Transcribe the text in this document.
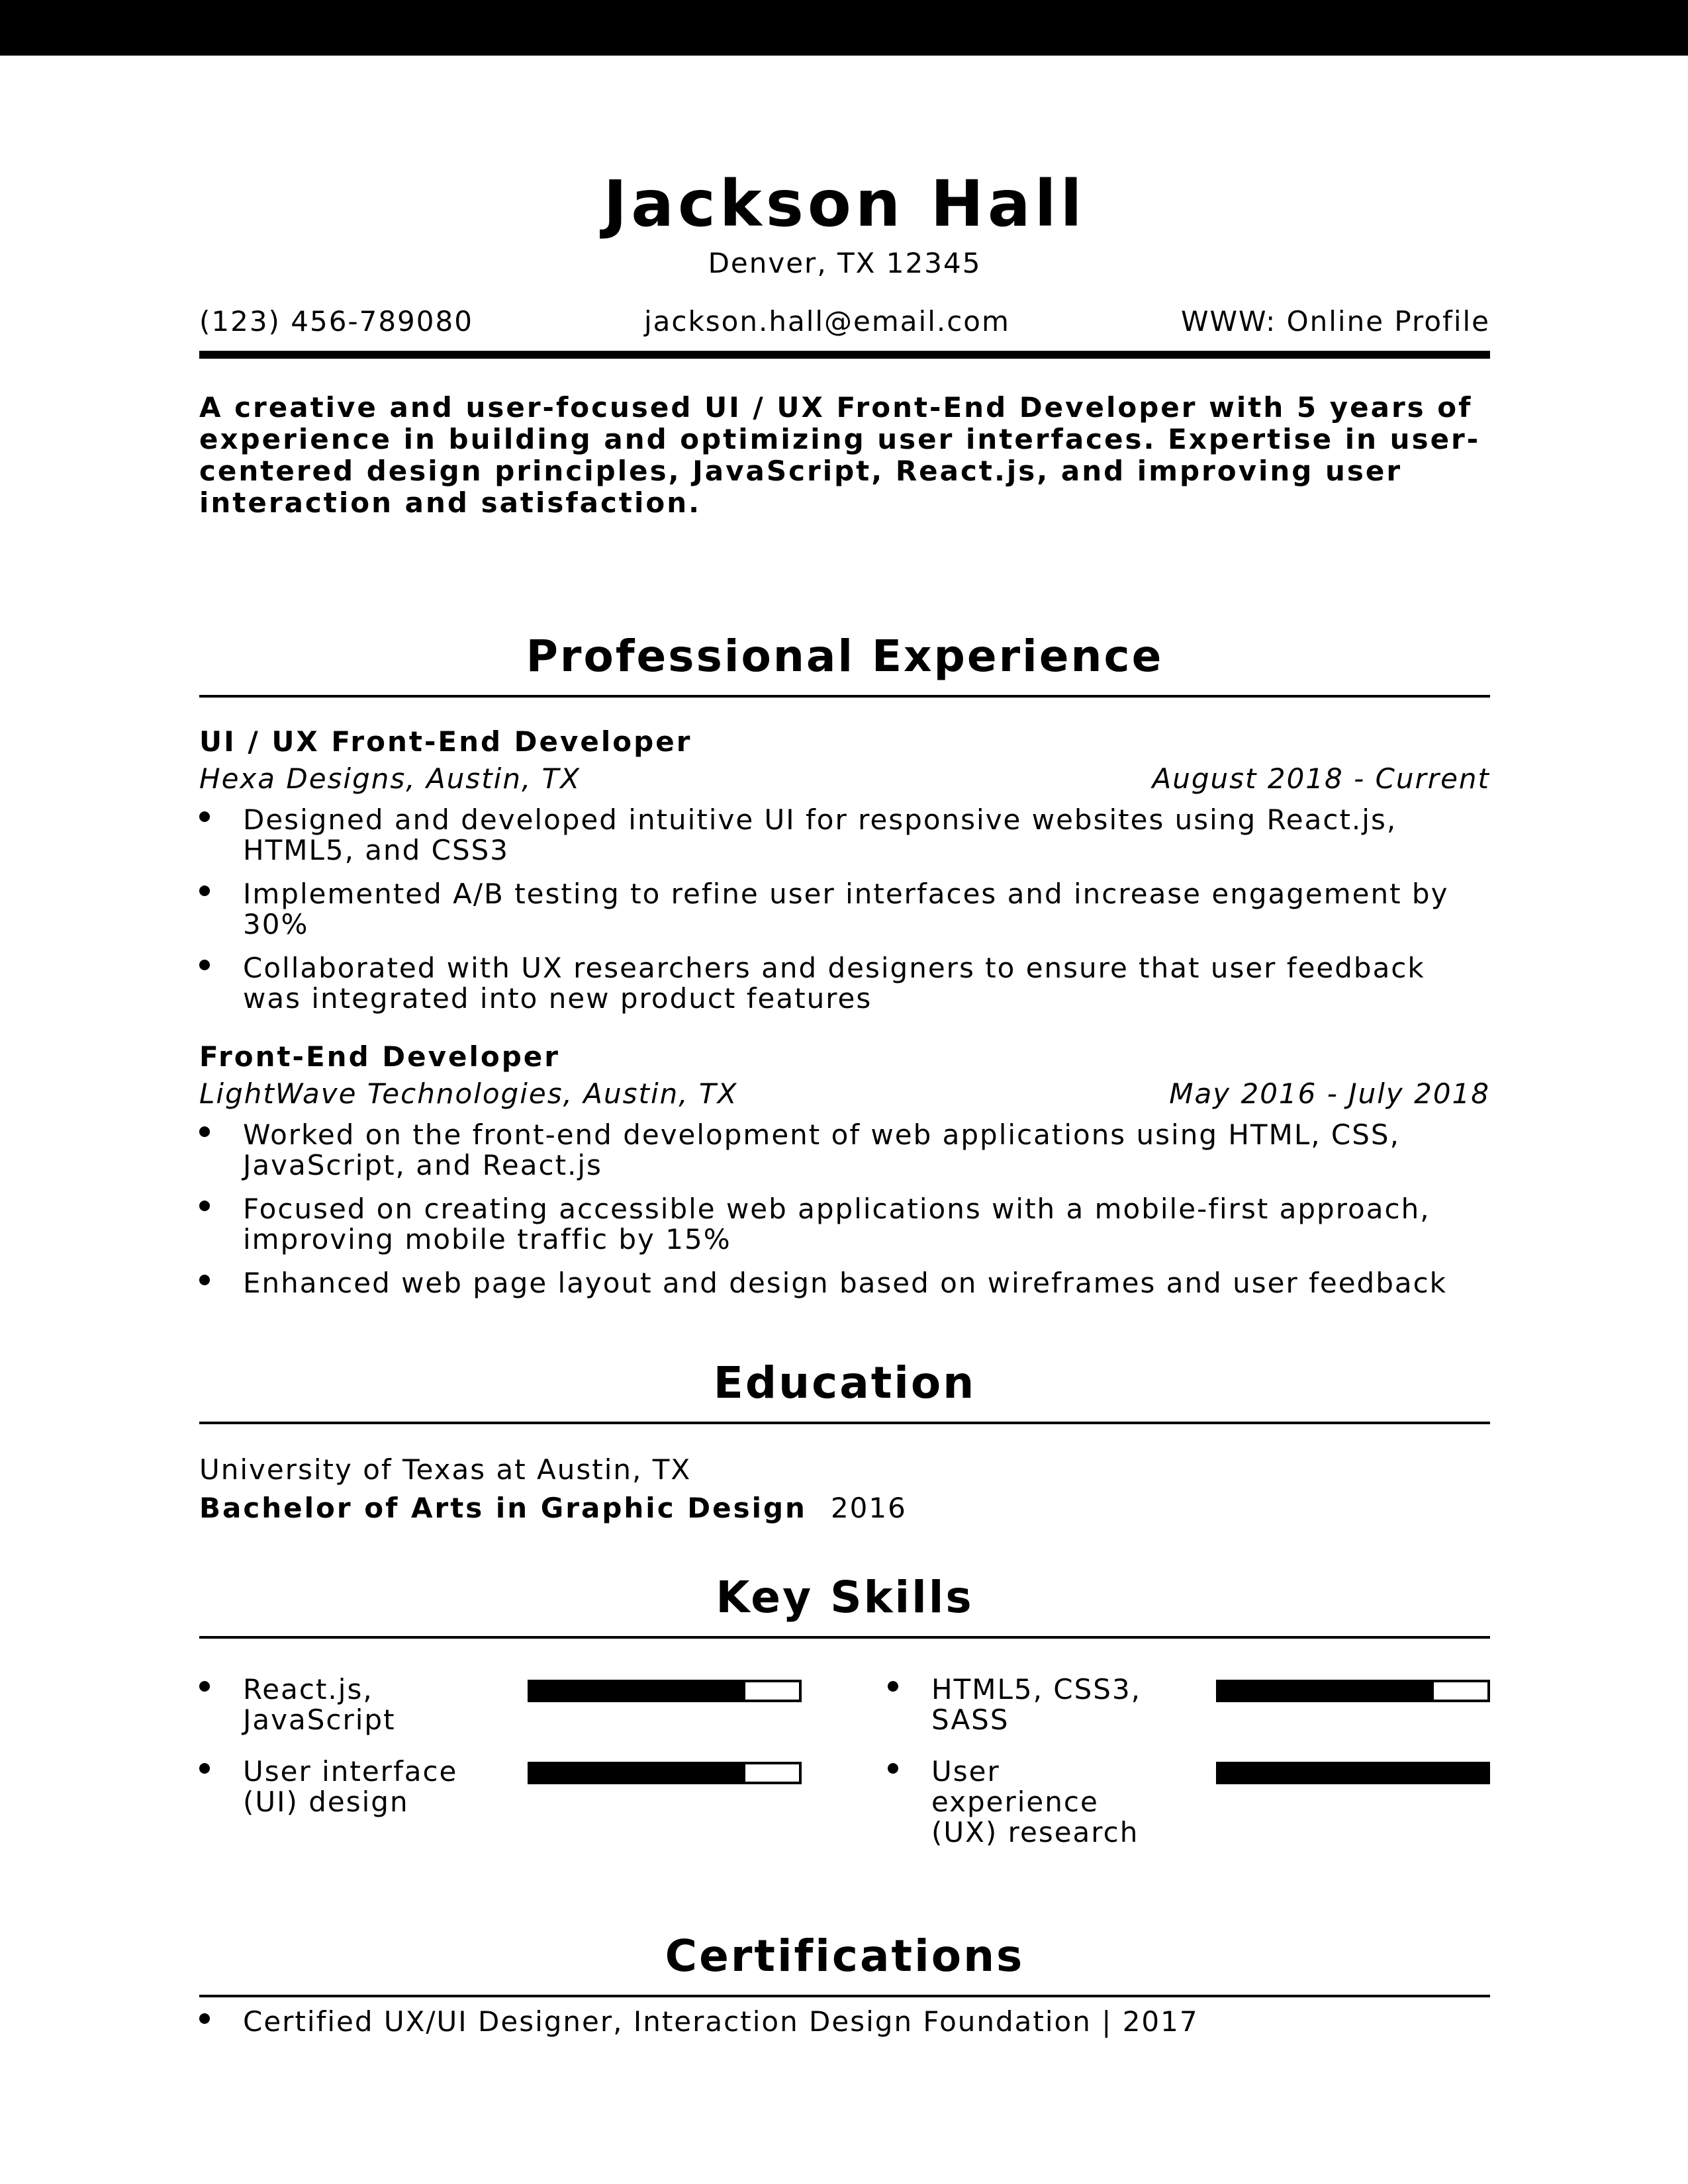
Jackson Hall
Denver, TX 12345
(123) 456-789080	jackson.hall@email.com	WWW: Online Profile
A creative and user-focused UI / UX Front-End Developer with 5 years of experience in building and optimizing user interfaces. Expertise in user-centered design principles, JavaScript, React.js, and improving user interaction and satisfaction.
Professional Experience
UI / UX Front-End Developer
Hexa Designs, Austin, TX	August 2018 - Current
Designed and developed intuitive UI for responsive websites using React.js, HTML5, and CSS3
Implemented A/B testing to refine user interfaces and increase engagement by 30%
Collaborated with UX researchers and designers to ensure that user feedback was integrated into new product features
Front-End Developer
LightWave Technologies, Austin, TX	May 2016 - July 2018
Worked on the front-end development of web applications using HTML, CSS, JavaScript, and React.js
Focused on creating accessible web applications with a mobile-first approach, improving mobile traffic by 15%
Enhanced web page layout and design based on wireframes and user feedback
Education
University of Texas at Austin, TX
Bachelor of Arts in Graphic Design 2016
Key Skills
React.js, JavaScript
User interface (UI) design
HTML5, CSS3, SASS
User experience (UX) research
Certifications
Certified UX/UI Designer, Interaction Design Foundation | 2017
